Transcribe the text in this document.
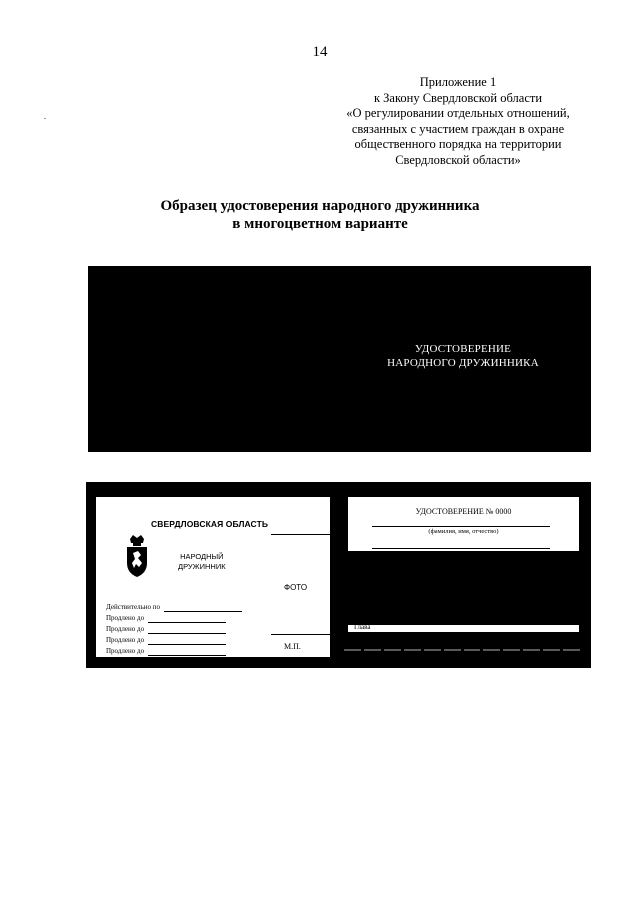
14
Приложение 1
к Закону Свердловской области
«О регулировании отдельных отношений,
связанных с участием граждан в охране
общественного порядка на территории
Свердловской области»
Образец удостоверения народного дружинника
в многоцветном варианте
УДОСТОВЕРЕНИЕ
НАРОДНОГО ДРУЖИННИКА
СВЕРДЛОВСКАЯ ОБЛАСТЬ
НАРОДНЫЙ
ДРУЖИННИК
ФОТО
М.П.
Действительно по
Продлено до
Продлено до
Продлено до
Продлено до
УДОСТОВЕРЕНИЕ № 0000
(фамилия, имя, отчество)
Глава
